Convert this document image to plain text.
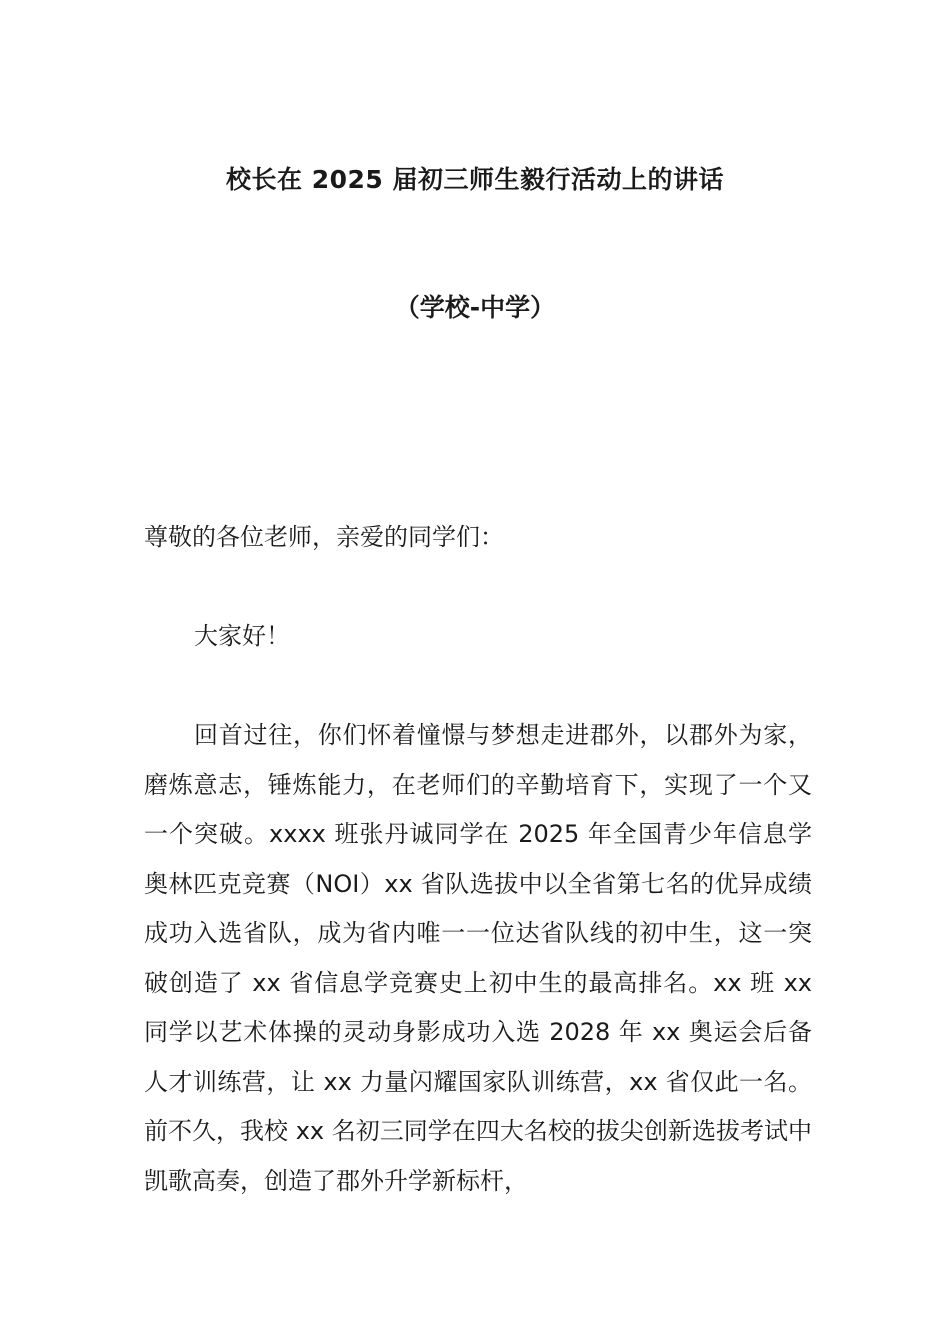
校长在 2025 届初三师生毅行活动上的讲话
（学校-中学）

尊敬的各位老师，亲爱的同学们：

大家好！

回首过往，你们怀着憧憬与梦想走进郡外，以郡外为家，磨炼意志，锤炼能力，在老师们的辛勤培育下，实现了一个又一个突破。xxxx 班张丹诚同学在 2025 年全国青少年信息学奥林匹克竞赛（NOI）xx 省队选拔中以全省第七名的优异成绩成功入选省队，成为省内唯一一位达省队线的初中生，这一突破创造了 xx 省信息学竞赛史上初中生的最高排名。xx 班 xx 同学以艺术体操的灵动身影成功入选 2028 年 xx 奥运会后备人才训练营，让 xx 力量闪耀国家队训练营，xx 省仅此一名。前不久，我校 xx 名初三同学在四大名校的拔尖创新选拔考试中凯歌高奏，创造了郡外升学新标杆，
